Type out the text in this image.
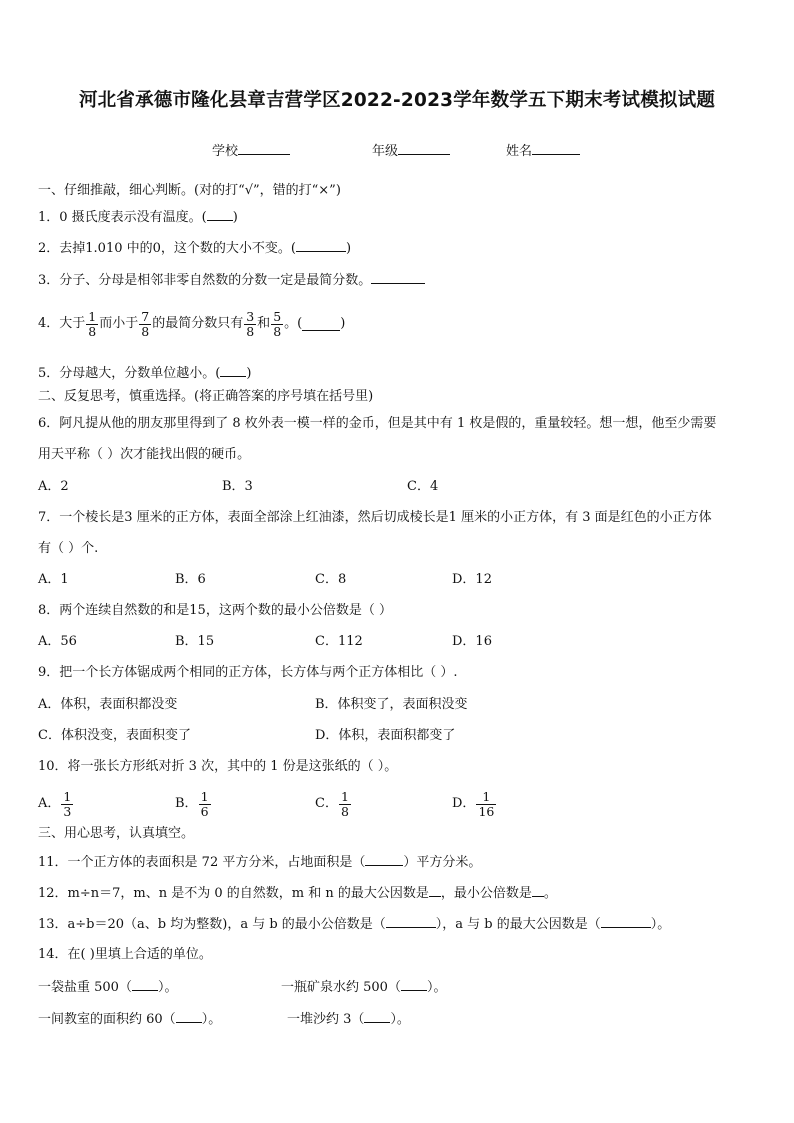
河北省承德市隆化县章吉营学区2022-2023学年数学五下期末考试模拟试题
学校	年级	姓名
一、仔细推敲，细心判断。(对的打“√”，错的打“×”)
1．0 摄氏度表示没有温度。( )
2．去掉1.010 中的0，这个数的大小不变。(	)
3．分子、分母是相邻非零自然数的分数一定是最简分数。
4．大于 $\frac{1}{8}$ 而小于 $\frac{7}{8}$ 的最简分数只有 $\frac{3}{8}$ 和 $\frac{5}{8}$ 。(	)
5．分母越大，分数单位越小。( )
二、反复思考，慎重选择。(将正确答案的序号填在括号里)
6．阿凡提从他的朋友那里得到了 8 枚外表一模一样的金币，但是其中有 1 枚是假的，重量较轻。想一想，他至少需要
用天平称（ ）次才能找出假的硬币。
A．2	B．3	C．4
7．一个棱长是3 厘米的正方体，表面全部涂上红油漆，然后切成棱长是1 厘米的小正方体，有 3 面是红色的小正方体
有（ ）个.
A．1	B．6	C．8	D．12
8．两个连续自然数的和是15，这两个数的最小公倍数是（ ）
A．56	B．15	C．112	D．16
9．把一个长方体锯成两个相同的正方体，长方体与两个正方体相比（ ）.
A．体积，表面积都没变	B．体积变了，表面积没变
C．体积没变，表面积变了	D．体积，表面积都变了
10．将一张长方形纸对折 3 次，其中的 1 份是这张纸的（ ）。
A． $\frac{1}{3}$	B． $\frac{1}{6}$	C． $\frac{1}{8}$	D． $\frac{1}{16}$
三、用心思考，认真填空。
11．一个正方体的表面积是 72 平方分米，占地面积是（	）平方分米。
12．m÷n＝7，m、n 是不为 0 的自然数，m 和 n 的最大公因数是 ，最小公倍数是 。
13．a÷b＝20（a、b 均为整数)，a 与 b 的最小公倍数是（	），a 与 b 的最大公因数是（	）。
14．在( )里填上合适的单位。
一袋盐重 500（ ）。	一瓶矿泉水约 500（ ）。
一间教室的面积约 60（ ）。	一堆沙约 3（ ）。
